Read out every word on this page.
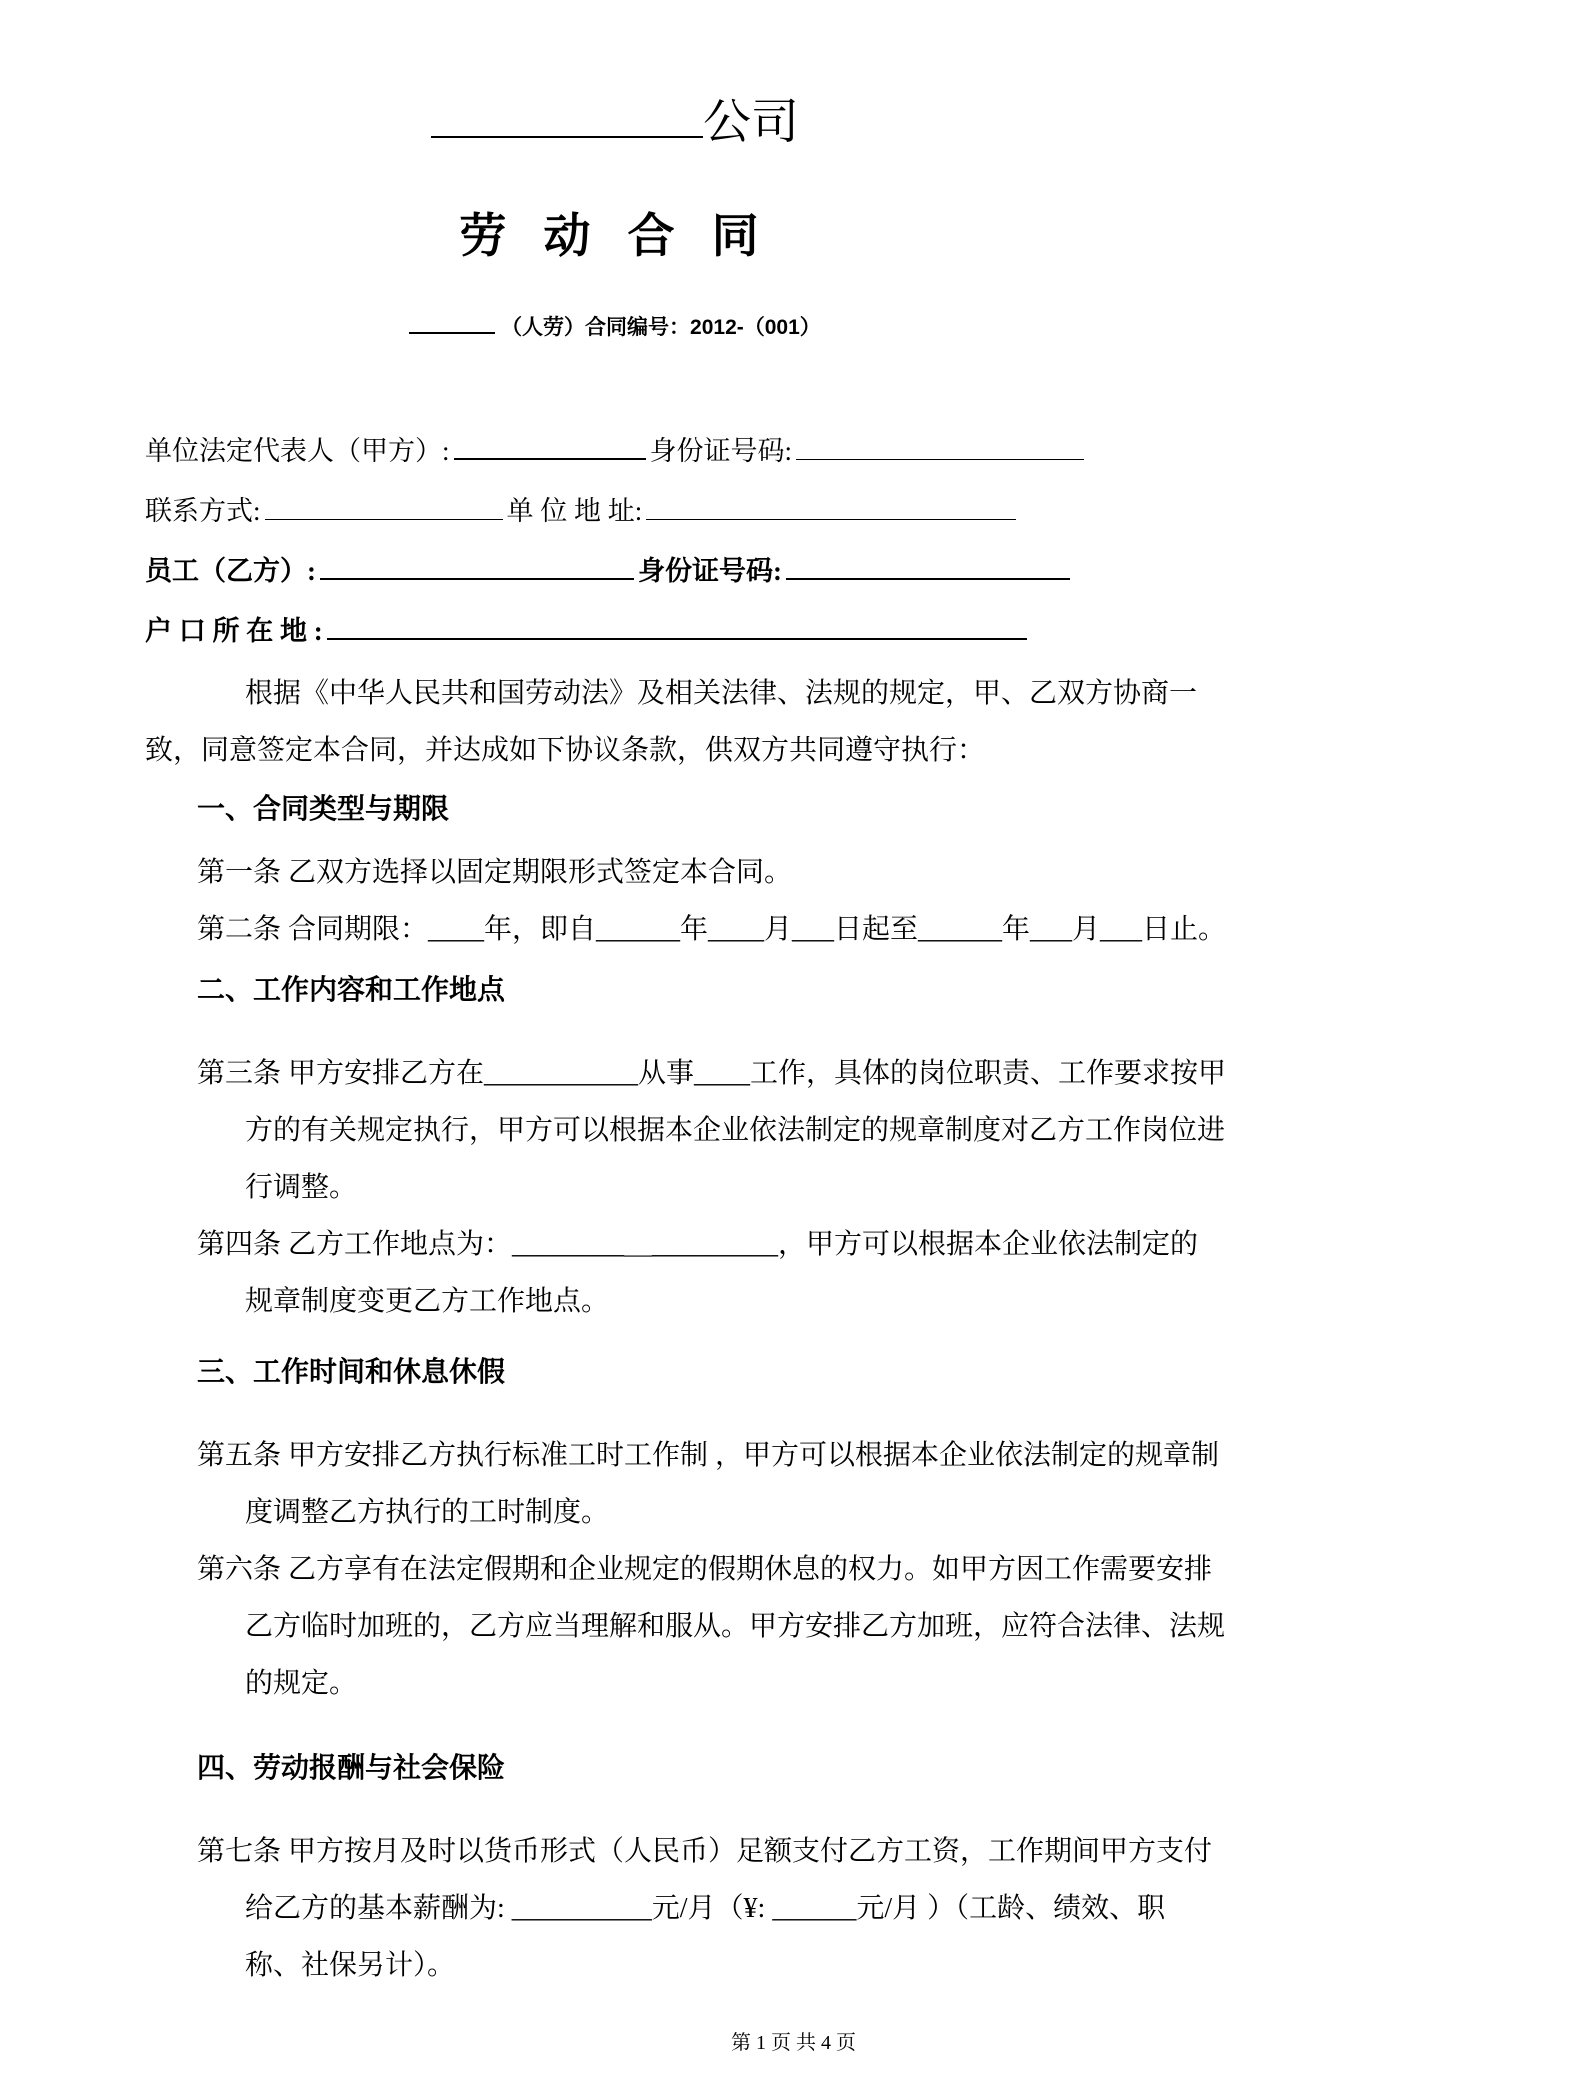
公司
劳 动 合 同
（人劳）合同编号：2012-（001）
单位法定代表人（甲方）:	身份证号码:
联系方式:	单 位 地 址:
员工（乙方）:	身份证号码:
户 口 所 在 地 :
根据《中华人民共和国劳动法》及相关法律、法规的规定，甲、乙双方协商一
致，同意签定本合同，并达成如下协议条款，供双方共同遵守执行：
一、合同类型与期限
第一条 乙双方选择以固定期限形式签定本合同。
第二条 合同期限：____年，即自______年____月___日起至______年___月___日止。
二、工作内容和工作地点
第三条 甲方安排乙方在___________从事____工作，具体的岗位职责、工作要求按甲
方的有关规定执行，甲方可以根据本企业依法制定的规章制度对乙方工作岗位进
行调整。
第四条 乙方工作地点为：________＿_________，甲方可以根据本企业依法制定的
规章制度变更乙方工作地点。
三、工作时间和休息休假
第五条 甲方安排乙方执行标准工时工作制 ，甲方可以根据本企业依法制定的规章制
度调整乙方执行的工时制度。
第六条 乙方享有在法定假期和企业规定的假期休息的权力。如甲方因工作需要安排
乙方临时加班的，乙方应当理解和服从。甲方安排乙方加班，应符合法律、法规
的规定。
四、劳动报酬与社会保险
第七条 甲方按月及时以货币形式（人民币）足额支付乙方工资，工作期间甲方支付
给乙方的基本薪酬为: __________元/月（¥: ______元/月 ）（工龄、绩效、职
称、社保另计）。
第 1 页 共 4 页
